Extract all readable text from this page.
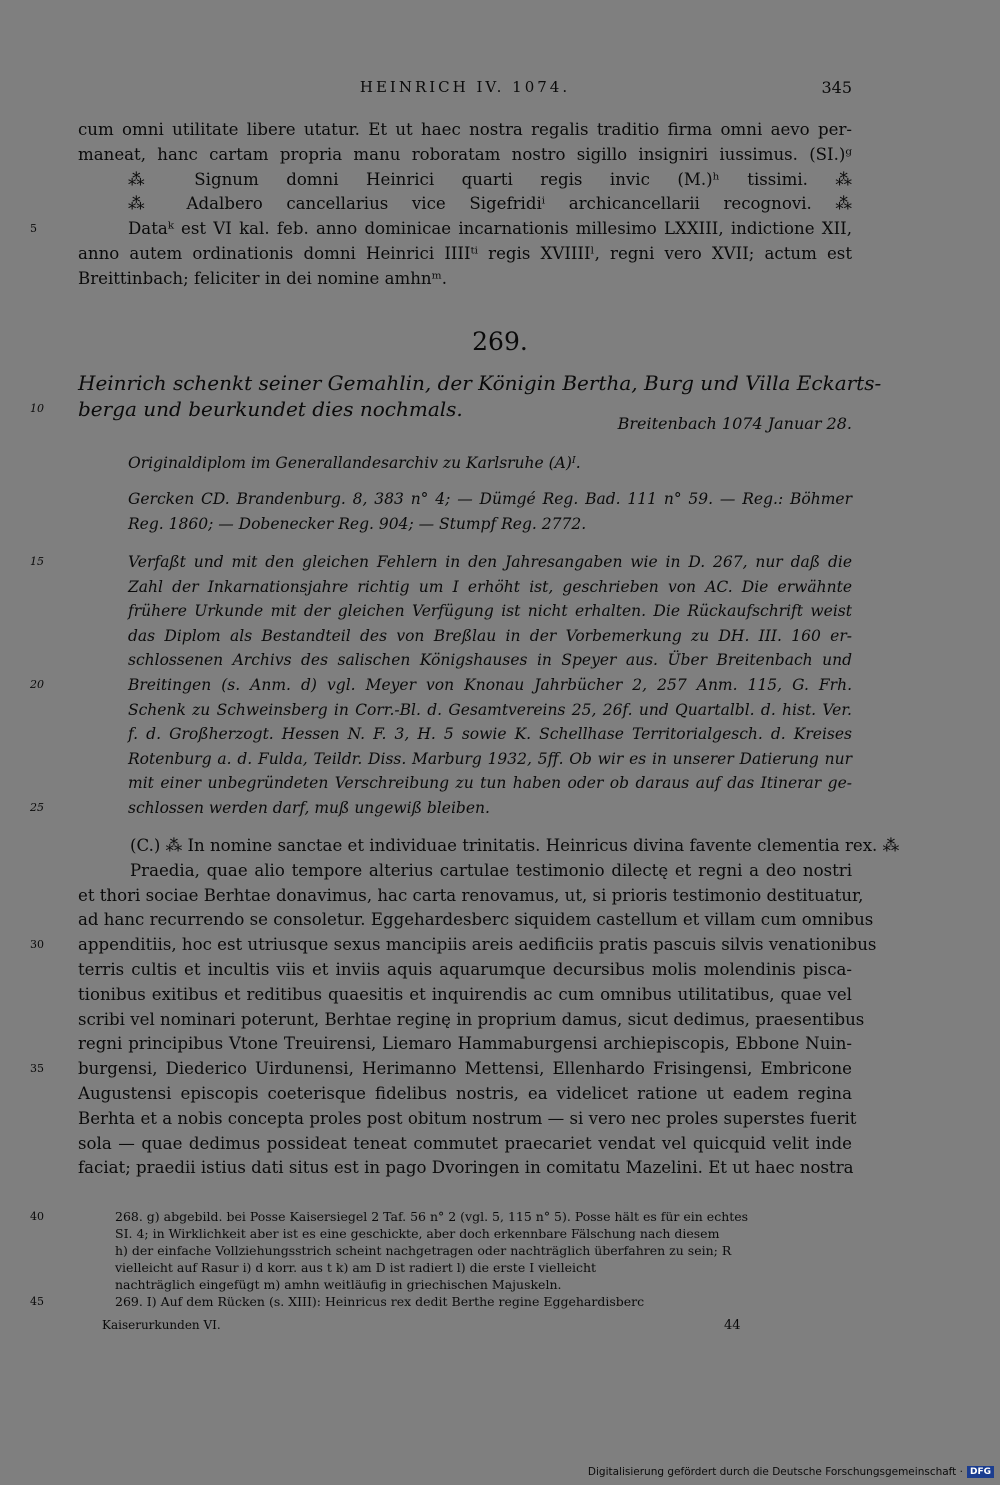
HEINRICH IV. 1074.	345
cum omni utilitate libere utatur. Et ut haec nostra regalis traditio firma omni aevo per-
maneat, hanc cartam propria manu roboratam nostro sigillo insigniri iussimus. (SI.)ᵍ
⁂ Signum domni Heinrici quarti regis invic (M.)ʰ tissimi. ⁂
⁂ Adalbero cancellarius vice Sigefridiⁱ archicancellarii recognovi. ⁂
5	Dataᵏ est VI kal. feb. anno dominicae incarnationis millesimo LXXIII, indictione XII,
anno autem ordinationis domni Heinrici IIIIᵗⁱ regis XVIIIIˡ, regni vero XVII; actum est
Breittinbach; feliciter in dei nomine amhnᵐ.
269.
Heinrich schenkt seiner Gemahlin, der Königin Bertha, Burg und Villa Eckarts-
10	berga und beurkundet dies nochmals.
Breitenbach 1074 Januar 28.
Originaldiplom im Generallandesarchiv zu Karlsruhe (A)ᴵ.
Gercken CD. Brandenburg. 8, 383 n° 4; — Dümgé Reg. Bad. 111 n° 59. — Reg.: Böhmer
Reg. 1860; — Dobenecker Reg. 904; — Stumpf Reg. 2772.
15	Verfaßt und mit den gleichen Fehlern in den Jahresangaben wie in D. 267, nur daß die
Zahl der Inkarnationsjahre richtig um I erhöht ist, geschrieben von AC. Die erwähnte
frühere Urkunde mit der gleichen Verfügung ist nicht erhalten. Die Rückaufschrift weist
das Diplom als Bestandteil des von Breßlau in der Vorbemerkung zu DH. III. 160 er-
schlossenen Archivs des salischen Königshauses in Speyer aus. Über Breitenbach und
20	Breitingen (s. Anm. d) vgl. Meyer von Knonau Jahrbücher 2, 257 Anm. 115, G. Frh.
Schenk zu Schweinsberg in Corr.-Bl. d. Gesamtvereins 25, 26f. und Quartalbl. d. hist. Ver.
f. d. Großherzogt. Hessen N. F. 3, H. 5 sowie K. Schellhase Territorialgesch. d. Kreises
Rotenburg a. d. Fulda, Teildr. Diss. Marburg 1932, 5ff. Ob wir es in unserer Datierung nur
mit einer unbegründeten Verschreibung zu tun haben oder ob daraus auf das Itinerar ge-
25	schlossen werden darf, muß ungewiß bleiben.
(C.) ⁂ In nomine sanctae et individuae trinitatis. Heinricus divina favente clementia rex. ⁂
Praedia, quae alio tempore alterius cartulae testimonio dilectę et regni a deo nostri
et thori sociae Berhtae donavimus, hac carta renovamus, ut, si prioris testimonio destituatur,
ad hanc recurrendo se consoletur. Eggehardesberc siquidem castellum et villam cum omnibus
30	appenditiis, hoc est utriusque sexus mancipiis areis aedificiis pratis pascuis silvis venationibus
terris cultis et incultis viis et inviis aquis aquarumque decursibus molis molendinis pisca-
tionibus exitibus et reditibus quaesitis et inquirendis ac cum omnibus utilitatibus, quae vel
scribi vel nominari poterunt, Berhtae reginę in proprium damus, sicut dedimus, praesentibus
regni principibus Vtone Treuirensi, Liemaro Hammaburgensi archiepiscopis, Ebbone Nuin-
35	burgensi, Diederico Uirdunensi, Herimanno Mettensi, Ellenhardo Frisingensi, Embricone
Augustensi episcopis coeterisque fidelibus nostris, ea videlicet ratione ut eadem regina
Berhta et a nobis concepta proles post obitum nostrum — si vero nec proles superstes fuerit
sola — quae dedimus possideat teneat commutet praecariet vendat vel quicquid velit inde
faciat; praedii istius dati situs est in pago Dvoringen in comitatu Mazelini. Et ut haec nostra
40	268. g) abgebild. bei Posse Kaisersiegel 2 Taf. 56 n° 2 (vgl. 5, 115 n° 5). Posse hält es für ein echtes
SI. 4; in Wirklichkeit aber ist es eine geschickte, aber doch erkennbare Fälschung nach diesem
h) der einfache Vollziehungsstrich scheint nachgetragen oder nachträglich überfahren zu sein; R
vielleicht auf Rasur i) d korr. aus t k) am D ist radiert l) die erste I vielleicht
nachträglich eingefügt m) amhn weitläufig in griechischen Majuskeln.
45	269. I) Auf dem Rücken (s. XIII): Heinricus rex dedit Berthe regine Eggehardisberc
Kaiserurkunden VI.	44
Digitalisierung gefördert durch die Deutsche Forschungsgemeinschaft · DFG
